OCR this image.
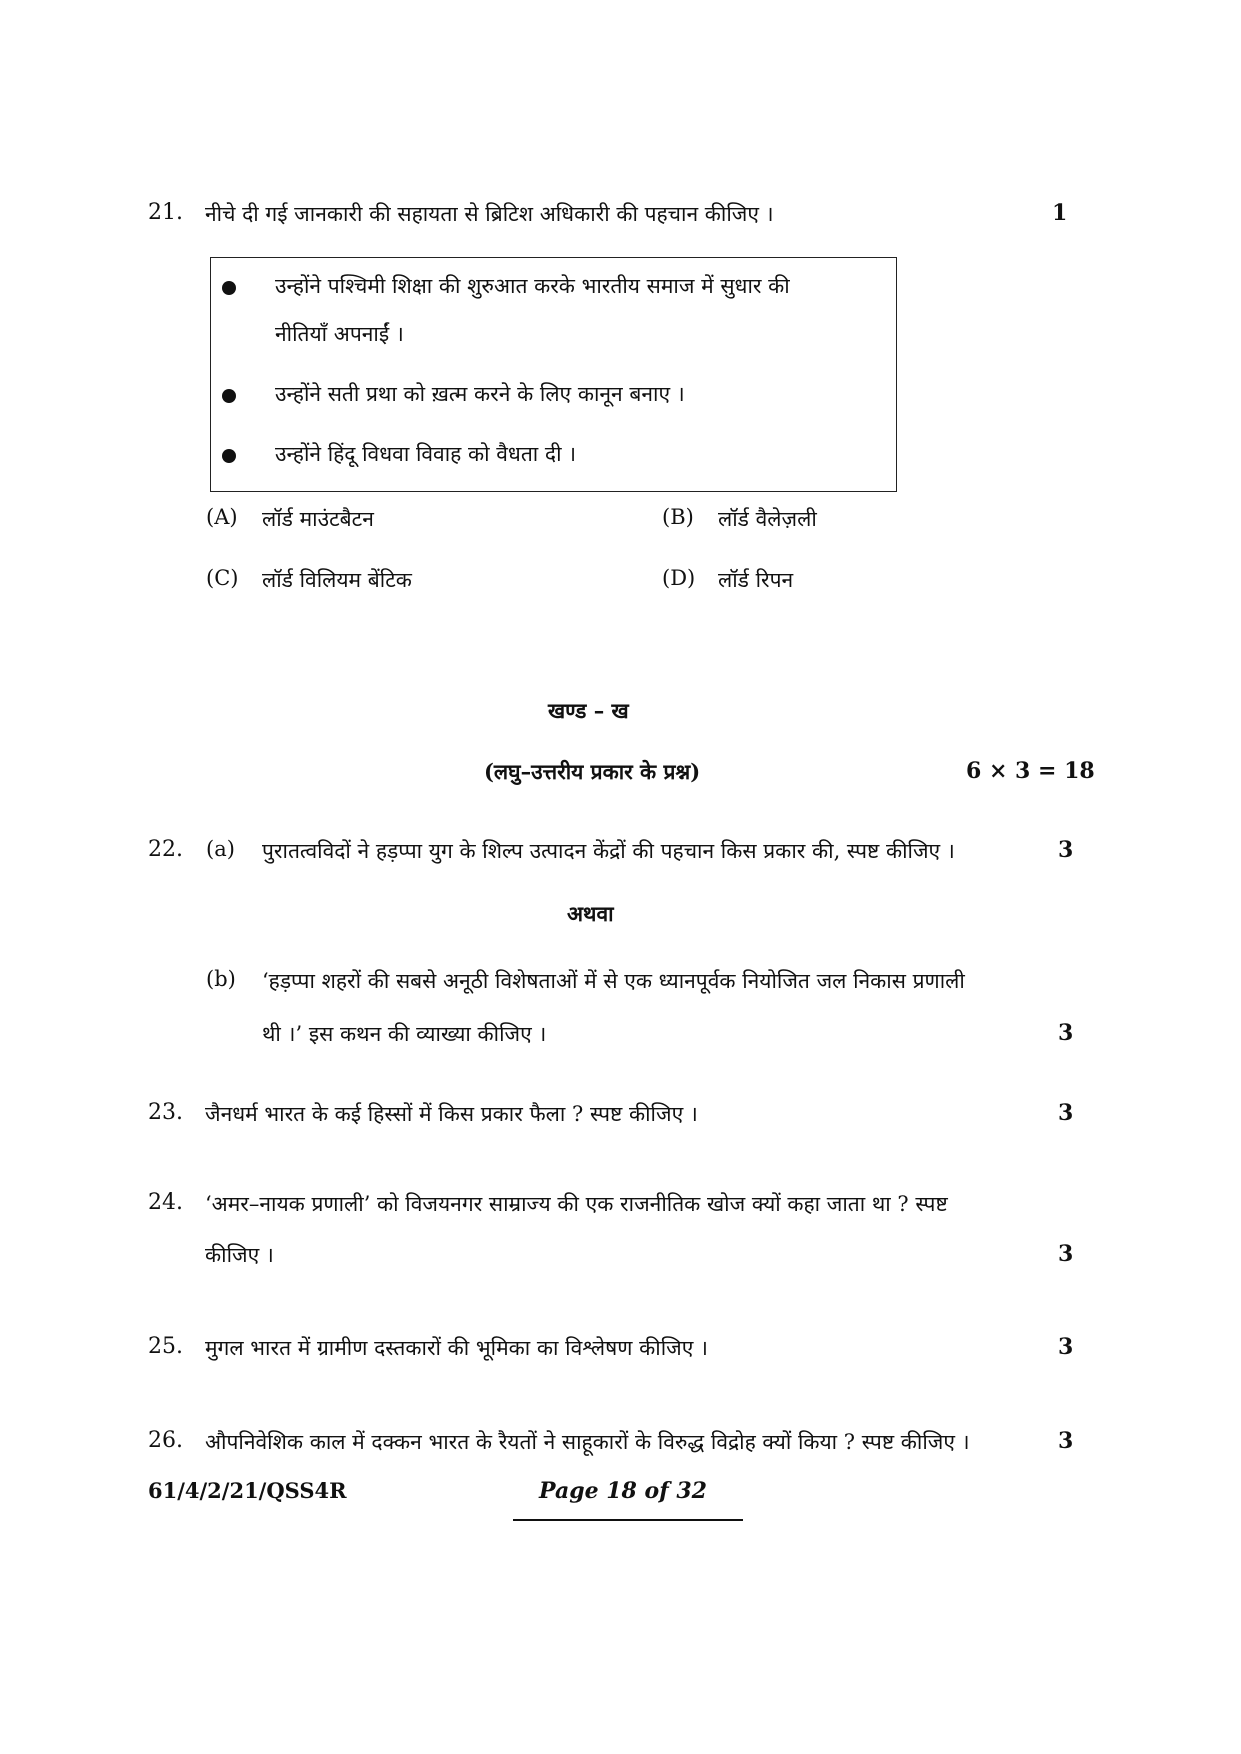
21. नीचे दी गई जानकारी की सहायता से ब्रिटिश अधिकारी की पहचान कीजिए ।	1
उन्होंने पश्चिमी शिक्षा की शुरुआत करके भारतीय समाज में सुधार की
नीतियाँ अपनाईं ।
उन्होंने सती प्रथा को ख़त्म करने के लिए कानून बनाए ।
उन्होंने हिंदू विधवा विवाह को वैधता दी ।
(A) लॉर्ड माउंटबैटन	(B) लॉर्ड वैलेज़ली
(C) लॉर्ड विलियम बेंटिक	(D) लॉर्ड रिपन
खण्ड – ख
(लघु–उत्तरीय प्रकार के प्रश्न)	6 × 3 = 18
22. (a) पुरातत्वविदों ने हड़प्पा युग के शिल्प उत्पादन केंद्रों की पहचान किस प्रकार की, स्पष्ट कीजिए ।	3
अथवा
(b) ‘हड़प्पा शहरों की सबसे अनूठी विशेषताओं में से एक ध्यानपूर्वक नियोजित जल निकास प्रणाली
थी ।’ इस कथन की व्याख्या कीजिए ।	3
23. जैनधर्म भारत के कई हिस्सों में किस प्रकार फैला ? स्पष्ट कीजिए ।	3
24. ‘अमर–नायक प्रणाली’ को विजयनगर साम्राज्य की एक राजनीतिक खोज क्यों कहा जाता था ? स्पष्ट
कीजिए ।	3
25. मुगल भारत में ग्रामीण दस्तकारों की भूमिका का विश्लेषण कीजिए ।	3
26. औपनिवेशिक काल में दक्कन भारत के रैयतों ने साहूकारों के विरुद्ध विद्रोह क्यों किया ? स्पष्ट कीजिए ।	3
61/4/2/21/QSS4R	Page 18 of 32
